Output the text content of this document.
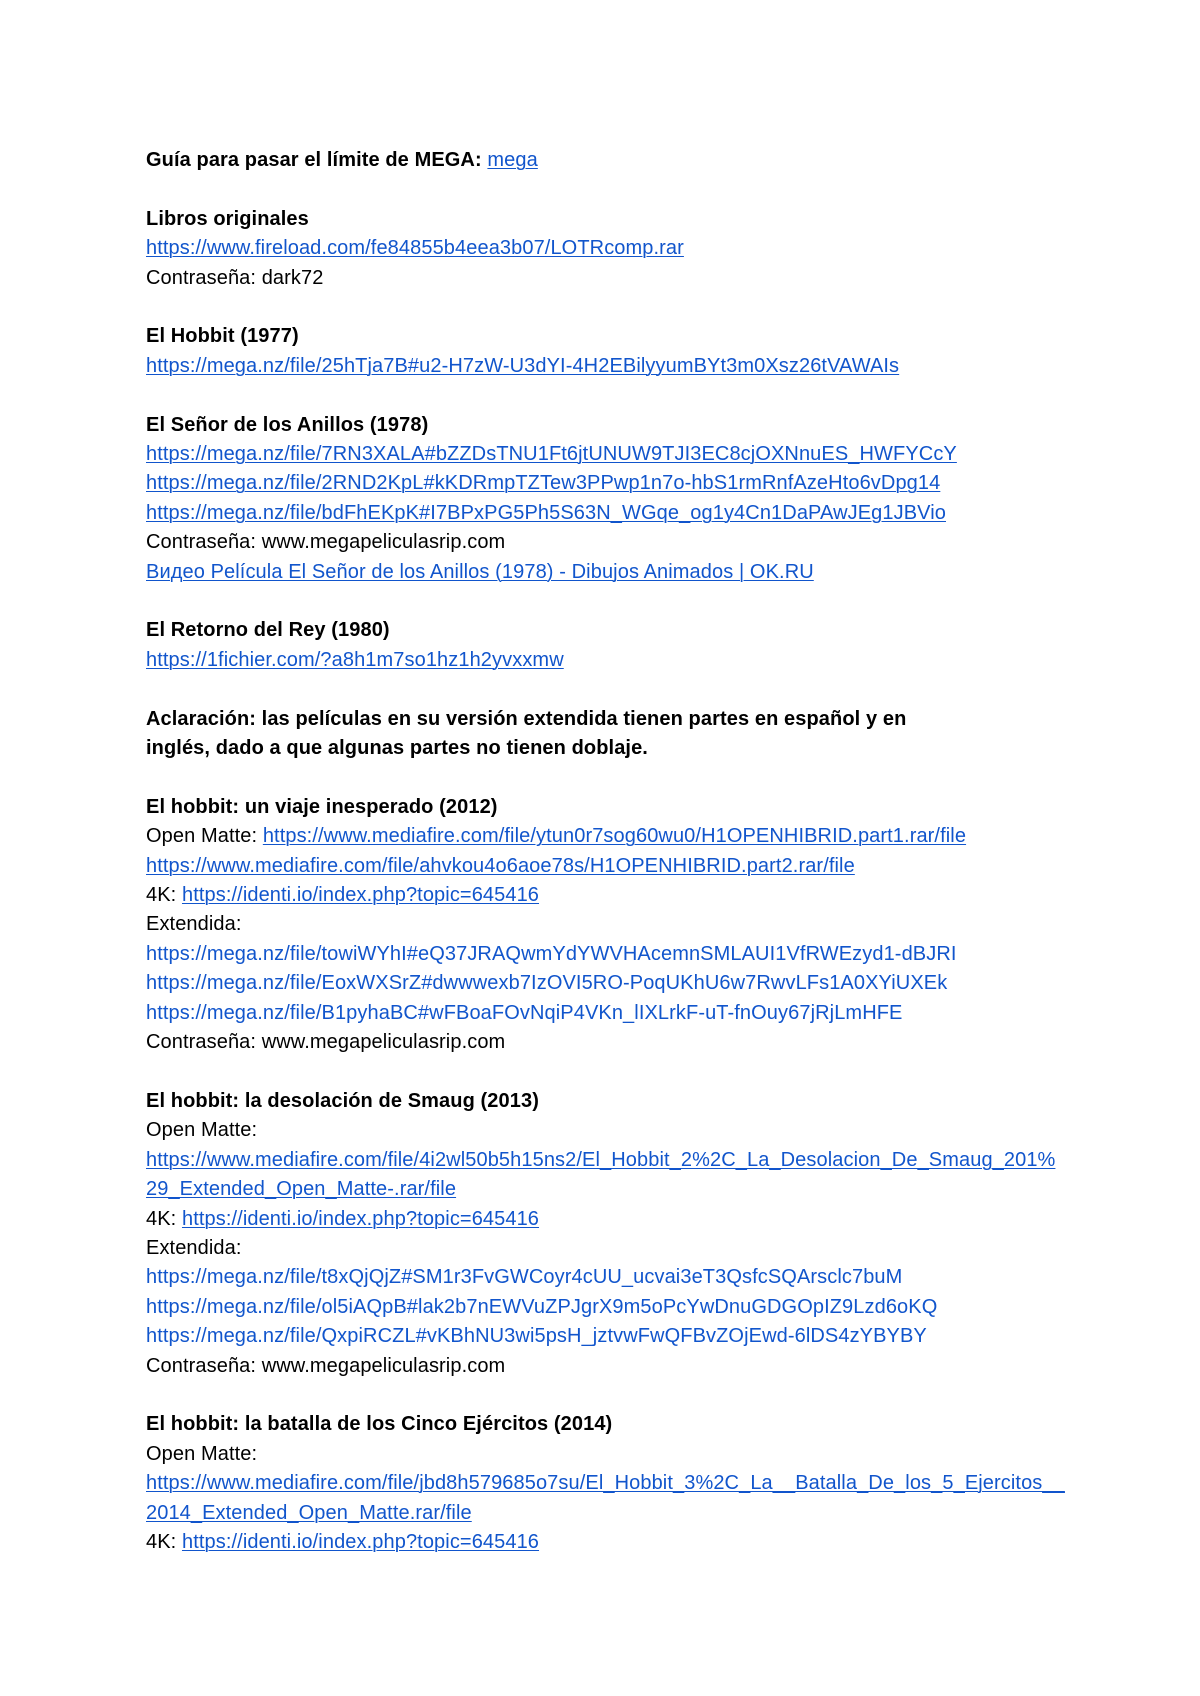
Guía para pasar el límite de MEGA: mega
Libros originales
https://www.fireload.com/fe84855b4eea3b07/LOTRcomp.rar
Contraseña: dark72
El Hobbit (1977)
https://mega.nz/file/25hTja7B#u2-H7zW-U3dYI-4H2EBilyyumBYt3m0Xsz26tVAWAIs
El Señor de los Anillos (1978)
https://mega.nz/file/7RN3XALA#bZZDsTNU1Ft6jtUNUW9TJI3EC8cjOXNnuES_HWFYCcY
https://mega.nz/file/2RND2KpL#kKDRmpTZTew3PPwp1n7o-hbS1rmRnfAzeHto6vDpg14
https://mega.nz/file/bdFhEKpK#I7BPxPG5Ph5S63N_WGqe_og1y4Cn1DaPAwJEg1JBVio
Contraseña: www.megapeliculasrip.com
Видео Película El Señor de los Anillos (1978) - Dibujos Animados | OK.RU
El Retorno del Rey (1980)
https://1fichier.com/?a8h1m7so1hz1h2yvxxmw
Aclaración: las películas en su versión extendida tienen partes en español y en
inglés, dado a que algunas partes no tienen doblaje.
El hobbit: un viaje inesperado (2012)
Open Matte: https://www.mediafire.com/file/ytun0r7sog60wu0/H1OPENHIBRID.part1.rar/file
https://www.mediafire.com/file/ahvkou4o6aoe78s/H1OPENHIBRID.part2.rar/file
4K: https://identi.io/index.php?topic=645416
Extendida:
https://mega.nz/file/towiWYhI#eQ37JRAQwmYdYWVHAcemnSMLAUI1VfRWEzyd1-dBJRI
https://mega.nz/file/EoxWXSrZ#dwwwexb7IzOVI5RO-PoqUKhU6w7RwvLFs1A0XYiUXEk
https://mega.nz/file/B1pyhaBC#wFBoaFOvNqiP4VKn_lIXLrkF-uT-fnOuy67jRjLmHFE
Contraseña: www.megapeliculasrip.com
El hobbit: la desolación de Smaug (2013)
Open Matte:
https://www.mediafire.com/file/4i2wl50b5h15ns2/El_Hobbit_2%2C_La_Desolacion_De_Smaug_201%29_Extended_Open_Matte-.rar/file
4K: https://identi.io/index.php?topic=645416
Extendida:
https://mega.nz/file/t8xQjQjZ#SM1r3FvGWCoyr4cUU_ucvai3eT3QsfcSQArsclc7buM
https://mega.nz/file/ol5iAQpB#lak2b7nEWVuZPJgrX9m5oPcYwDnuGDGOpIZ9Lzd6oKQ
https://mega.nz/file/QxpiRCZL#vKBhNU3wi5psH_jztvwFwQFBvZOjEwd-6lDS4zYBYBY
Contraseña: www.megapeliculasrip.com
El hobbit: la batalla de los Cinco Ejércitos (2014)
Open Matte:
https://www.mediafire.com/file/jbd8h579685o7su/El_Hobbit_3%2C_La__Batalla_De_los_5_Ejercitos__2014_Extended_Open_Matte.rar/file
4K: https://identi.io/index.php?topic=645416
